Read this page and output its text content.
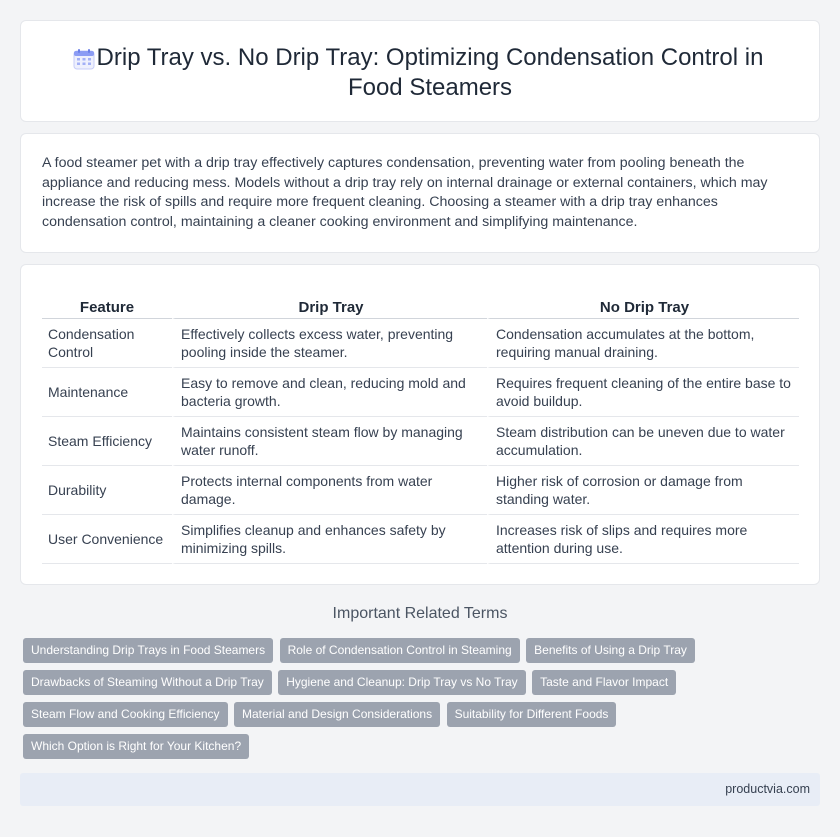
Drip Tray vs. No Drip Tray: Optimizing Condensation Control in Food Steamers

A food steamer pet with a drip tray effectively captures condensation, preventing water from pooling beneath the appliance and reducing mess. Models without a drip tray rely on internal drainage or external containers, which may increase the risk of spills and require more frequent cleaning. Choosing a steamer with a drip tray enhances condensation control, maintaining a cleaner cooking environment and simplifying maintenance.

Feature	Drip Tray	No Drip Tray
Condensation Control	Effectively collects excess water, preventing pooling inside the steamer.	Condensation accumulates at the bottom, requiring manual draining.
Maintenance	Easy to remove and clean, reducing mold and bacteria growth.	Requires frequent cleaning of the entire base to avoid buildup.
Steam Efficiency	Maintains consistent steam flow by managing water runoff.	Steam distribution can be uneven due to water accumulation.
Durability	Protects internal components from water damage.	Higher risk of corrosion or damage from standing water.
User Convenience	Simplifies cleanup and enhances safety by minimizing spills.	Increases risk of slips and requires more attention during use.
Important Related Terms
Understanding Drip Trays in Food Steamers Role of Condensation Control in Steaming Benefits of Using a Drip Tray
Drawbacks of Steaming Without a Drip Tray Hygiene and Cleanup: Drip Tray vs No Tray Taste and Flavor Impact
Steam Flow and Cooking Efficiency Material and Design Considerations Suitability for Different Foods
Which Option is Right for Your Kitchen?
productvia.com
